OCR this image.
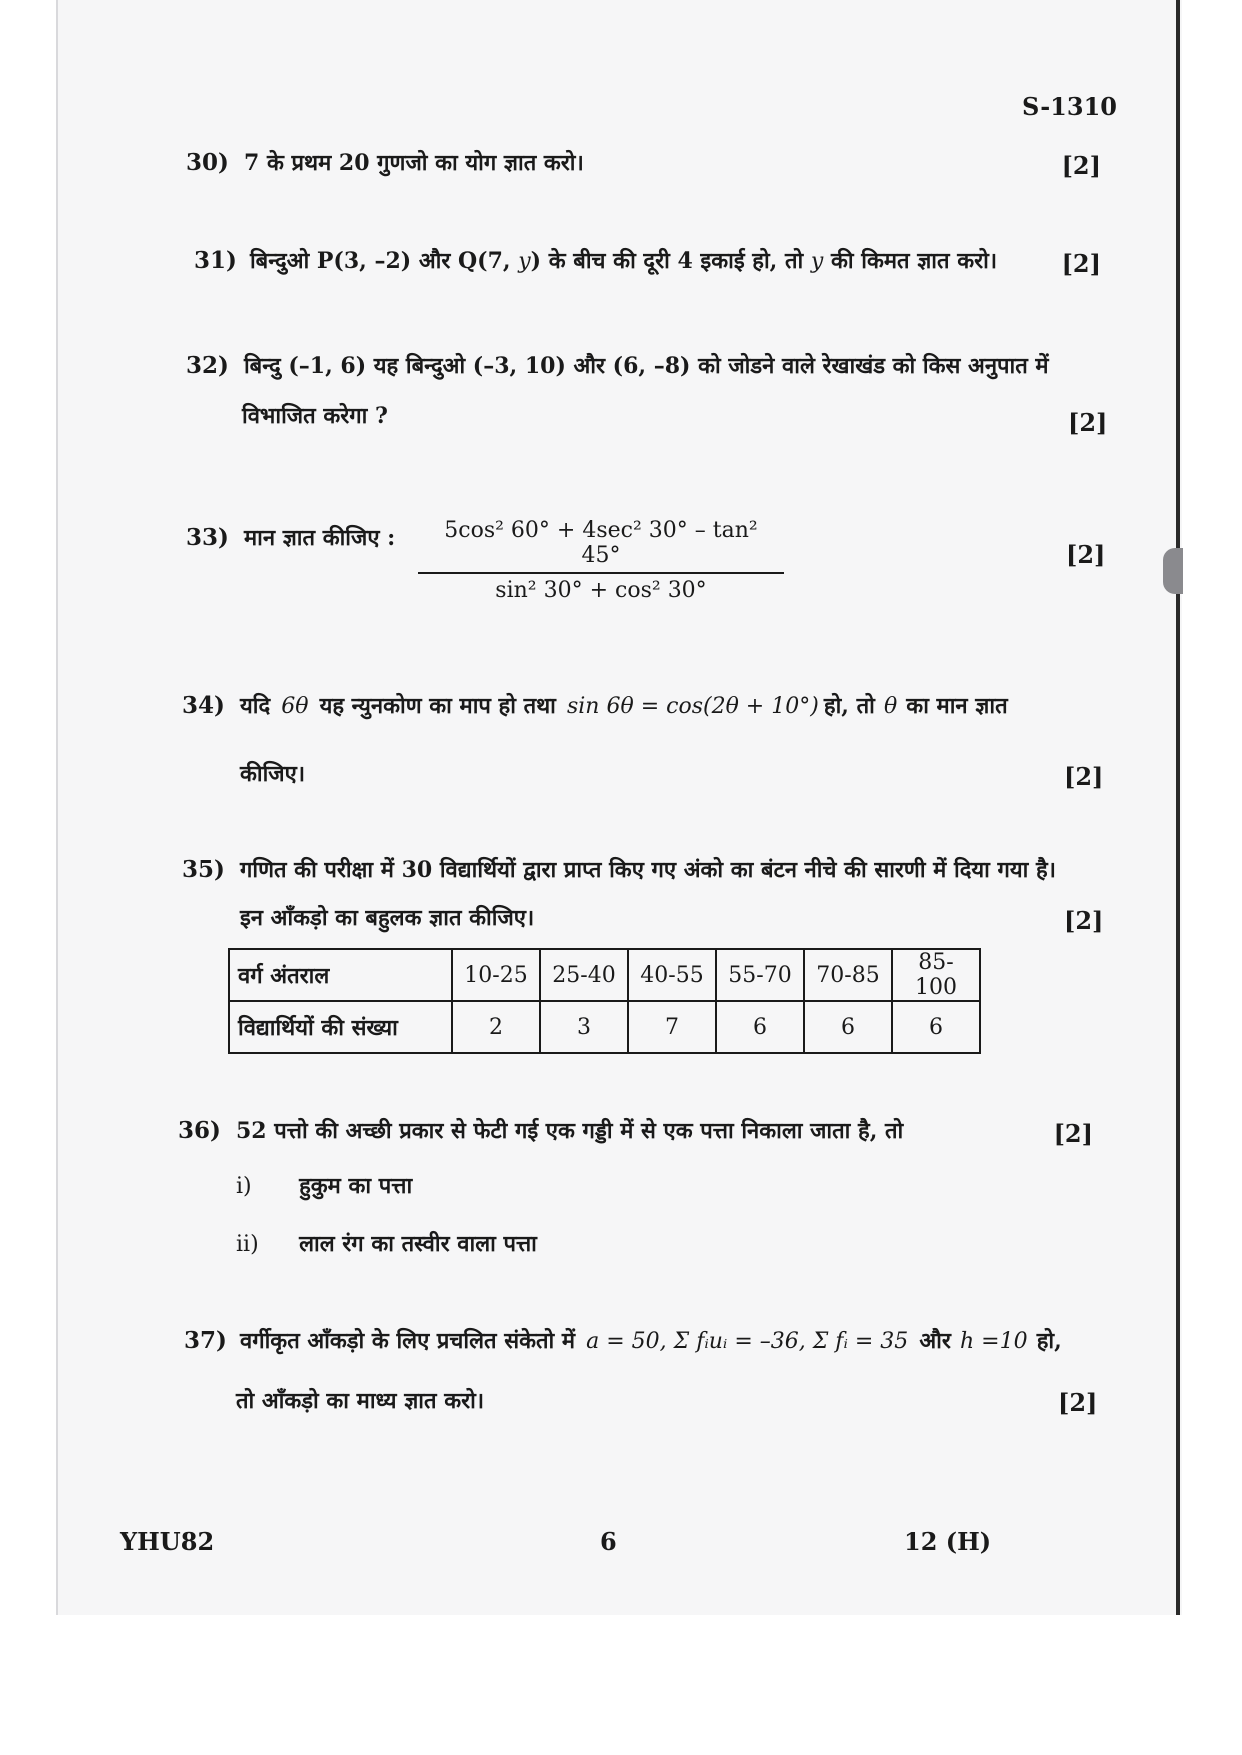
S-1310
30) 7 के प्रथम 20 गुणजो का योग ज्ञात करो।	[2]
31) बिन्दुओ P(3, –2) और Q(7, y) के बीच की दूरी 4 इकाई हो, तो y की किमत ज्ञात करो।	[2]
32) बिन्दु (–1, 6) यह बिन्दुओ (–3, 10) और (6, –8) को जोडने वाले रेखाखंड को किस अनुपात में
विभाजित करेगा ?	[2]
33) मान ज्ञात कीजिए : $\frac{\text{5cos² 60° + 4sec² 30° – tan² 45°}}{\text{sin² 30° + cos² 30°}}$	[2]
34) यदि 6θ यह न्युनकोण का माप हो तथा sin 6θ = cos(2θ + 10°) हो, तो θ का मान ज्ञात
कीजिए।	[2]
35) गणित की परीक्षा में 30 विद्यार्थियों द्वारा प्राप्त किए गए अंको का बंटन नीचे की सारणी में दिया गया है।
इन आँकड़ो का बहुलक ज्ञात कीजिए।	[2]
वर्ग अंतराल	10-25	25-40	40-55	55-70	70-85	85-100
विद्यार्थियों की संख्या	2	3	7	6	6	6
36) 52 पत्तो की अच्छी प्रकार से फेटी गई एक गड्डी में से एक पत्ता निकाला जाता है, तो	[2]
i) हुकुम का पत्ता
ii) लाल रंग का तस्वीर वाला पत्ता
37) वर्गीकृत आँकड़ो के लिए प्रचलित संकेतो में a = 50, Σ fᵢuᵢ = –36, Σ fᵢ = 35 और h =10 हो,
तो आँकड़ो का माध्य ज्ञात करो।	[2]
YHU82	6	12 (H)
